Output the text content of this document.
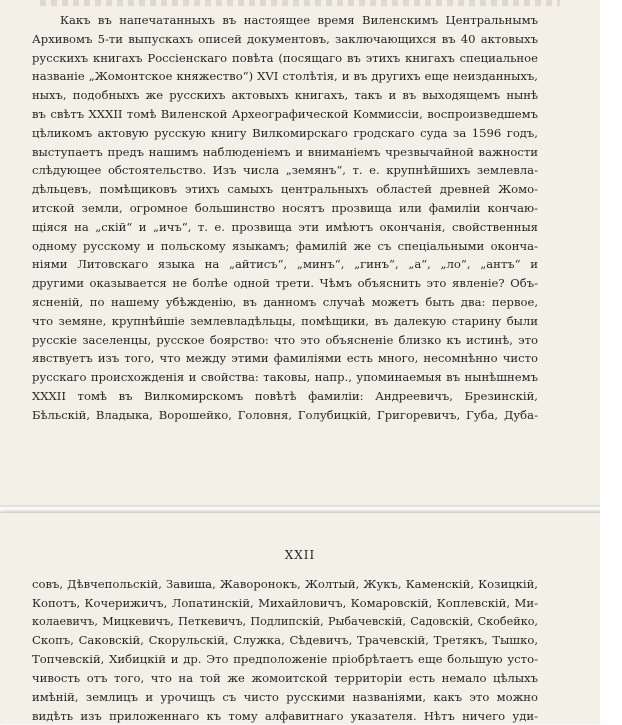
Какъ въ напечатанныхъ въ настоящее время Виленскимъ Центральнымъ
Архивомъ 5-ти выпускахъ описей документовъ, заключающихся въ 40 актовыхъ
русскихъ книгахъ Россіенскаго повѣта (посящаго въ этихъ книгахъ специальное
названіе „Жомонтское княжество“) XVI столѣтія, и въ другихъ еще неизданныхъ,
ныхъ, подобныхъ же русскихъ актовыхъ книгахъ, такъ и въ выходящемъ нынѣ
въ свѣтъ XXXII томѣ Виленской Археографической Коммиссіи, воспроизведшемъ
цѣликомъ актовую русскую книгу Вилкомирскаго гродскаго суда за 1596 годъ,
выступаетъ предъ нашимъ наблюденіемъ и вниманіемъ чрезвычайной важности
слѣдующее обстоятельство. Изъ числа „земянъ“, т. е. крупнѣйшихъ землевла-
дѣльцевъ, помѣщиковъ этихъ самыхъ центральныхъ областей древней Жомо-
итской земли, огромное большинство носятъ прозвища или фамиліи кончаю-
щіяся на „скій“ и „ичъ“, т. е. прозвища эти имѣютъ окончанія, свойственныя
одному русскому и польскому языкамъ; фамилій же съ спеціальными оконча-
ніями Литовскаго языка на „айтисъ“, „минъ“, „гинъ“, „а“, „ло“, „антъ“ и
другими оказывается не болѣе одной трети. Чѣмъ объяснить это явленіе? Объ-
ясненій, по нашему убѣжденію, въ данномъ случаѣ можетъ быть два: первое,
что земяне, крупнѣйшіе землевладѣльцы, помѣщики, въ далекую старину были
русскіе заселенцы, русское боярство: что это объясненіе близко къ истинѣ, это
явствуетъ изъ того, что между этими фамиліями есть много, несомнѣнно чисто
русскаго происхожденія и свойства: таковы, напр., упоминаемыя въ нынѣшнемъ
XXXII томѣ въ Вилкомирскомъ повѣтѣ фамиліи: Андреевичъ, Брезинскій,
Бѣльскій, Владыка, Ворошейко, Головня, Голубицкій, Григоревичъ, Губа, Дуба-
XXII
совъ, Дѣвчепольскій, Завиша, Жаворонокъ, Жолтый, Жукъ, Каменскій, Козицкій,
Копотъ, Кочерижичъ, Лопатинскій, Михайловичъ, Комаровскій, Коплевскій, Ми-
колаевичъ, Мицкевичъ, Петкевичъ, Подлипскій, Рыбачевскій, Садовскій, Скобейко,
Скопъ, Саковскій, Скорульскій, Служка, Сѣдевичъ, Трачевскій, Третякъ, Тышко,
Топчевскій, Хибицкій и др. Это предположеніе пріобрѣтаетъ еще большую усто-
чивость отъ того, что на той же жомоитской территоріи есть немало цѣлыхъ
имѣній, землицъ и урочищъ съ чисто русскими названіями, какъ это можно
видѣть изъ приложеннаго къ тому алфавитнаго указателя. Нѣтъ ничего уди-
